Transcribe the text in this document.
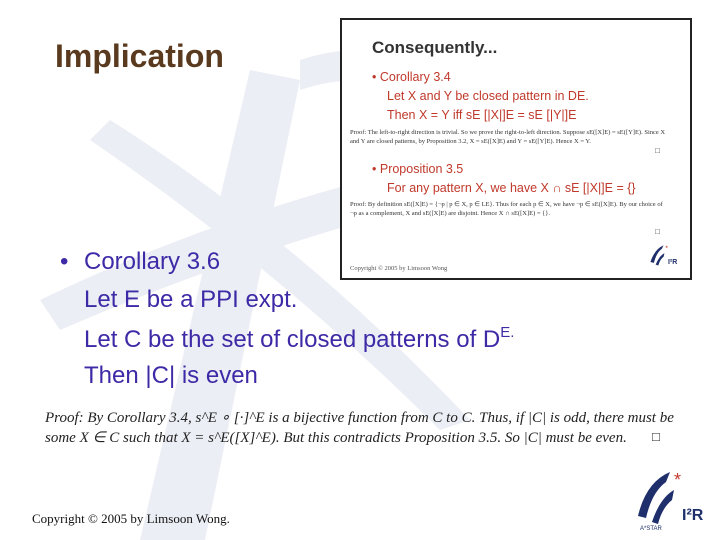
Implication	Consequently...
• Corollary 3.4
Let X and Y be closed pattern in DE.
Then X = Y iff sE [|X|]E = sE [|Y|]E
Proof: The left-to-right direction is trivial. So we prove the right-to-left direction. Suppose sE([X]E) = sE([Y]E). Since X and Y are closed patterns, by Proposition 3.2, X = sE([X]E) and Y = sE([Y]E). Hence X = Y.
□
• Proposition 3.5
For any pattern X, we have X ∩ sE [|X|]E = {}
Proof: By definition sE([X]E) = {¬p | p ∈ X, p ∈ LE}. Thus for each p ∈ X, we have ¬p ∈ sE([X]E). By our choice of ¬p as a complement, X and sE([X]E) are disjoint. Hence X ∩ sE([X]E) = {}.
□
Copyright © 2005 by Limsoon Wong
*
I²R
• Corollary 3.6
Let E be a PPI expt.
Let C be the set of closed patterns of $D^{E.}$
Then |C| is even
Proof: By Corollary 3.4, s^E ∘ [·]^E is a bijective function from C to C. Thus, if |C| is odd, there must be some X ∈ C such that X = s^E([X]^E). But this contradicts Proposition 3.5. So |C| must be even.	□
Copyright © 2005 by Limsoon Wong.
*
I²R
A*STAR
